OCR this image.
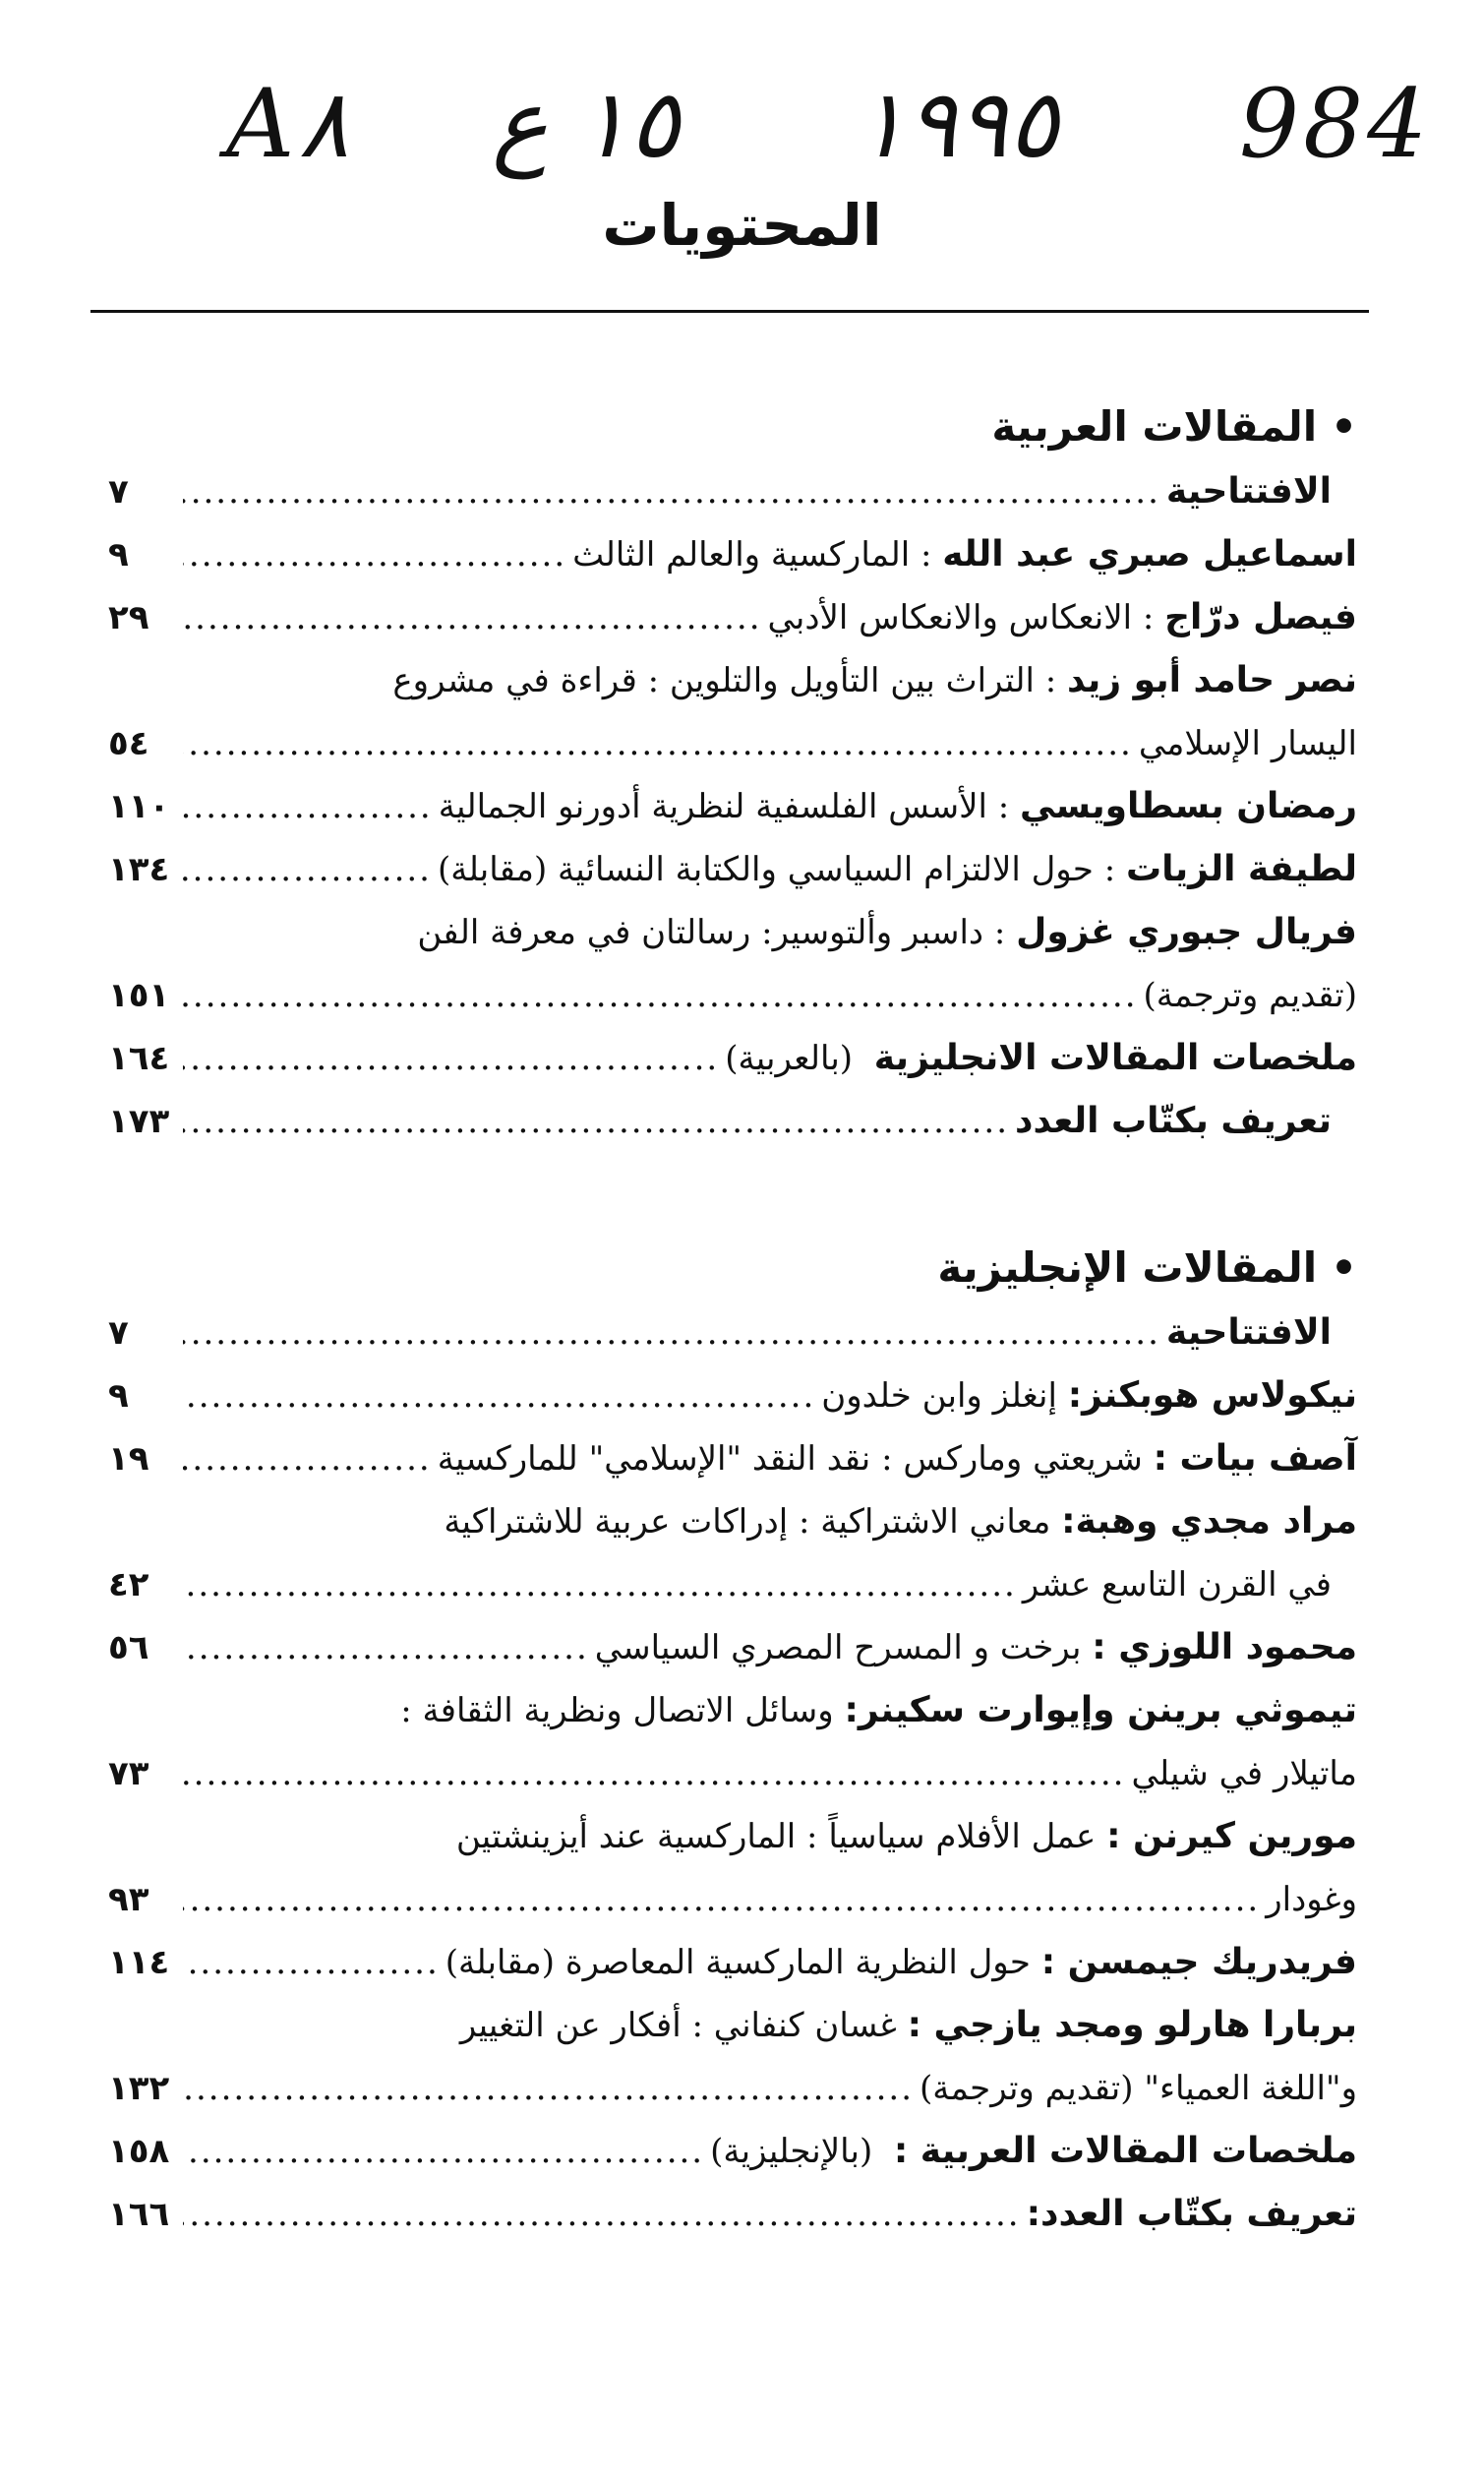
A٨ ١٥ ع ١٩٩٥ 984
المحتويات
•المقالات العربية
الافتتاحية
.....
٧
اسماعيل صبري عبد الله

: الماركسية والعالم الثالث
.....
٩
فيصل درّاج

: الانعكاس والانعكاس الأدبي
.....
٢٩
نصر حامد أبو زيد

: التراث بين التأويل والتلوين : قراءة في مشروع
اليسار الإسلامي
.....
٥٤
رمضان بسطاويسي

: الأسس الفلسفية لنظرية أدورنو الجمالية
.....
١١٠
لطيفة الزيات

: حول الالتزام السياسي والكتابة النسائية (مقابلة)
.....
١٣٤
فريال جبوري غزول

: داسبر وألتوسير: رسالتان في معرفة الفن
(تقديم وترجمة)
.....
١٥١
ملخصات المقالات الانجليزية

(بالعربية)
.....
١٦٤
تعريف بكتّاب العدد
.....
١٧٣
•المقالات الإنجليزية
الافتتاحية
.....
٧
نيكولاس هوبكنز:

إنغلز وابن خلدون
.....
٩
آصف بيات :

شريعتي وماركس : نقد النقد "الإسلامي" للماركسية
.....
١٩
مراد مجدي وهبة:

معاني الاشتراكية : إدراكات عربية للاشتراكية
في القرن التاسع عشر
.....
٤٢
محمود اللوزي :

برخت و المسرح المصري السياسي
.....
٥٦
تيموثي برينن وإيوارت سكينر:

وسائل الاتصال ونظرية الثقافة :
ماتيلار في شيلي
.....
٧٣
مورين كيرنن :

عمل الأفلام سياسياً : الماركسية عند أيزينشتين
وغودار
.....
٩٣
فريدريك جيمسن :

حول النظرية الماركسية المعاصرة (مقابلة)
.....
١١٤
بربارا هارلو ومجد يازجي :

غسان كنفاني : أفكار عن التغيير
و"اللغة العمياء" (تقديم وترجمة)
.....
١٣٢
ملخصات المقالات العربية :

(بالإنجليزية)
.....
١٥٨
تعريف بكتّاب العدد:
.....
١٦٦
